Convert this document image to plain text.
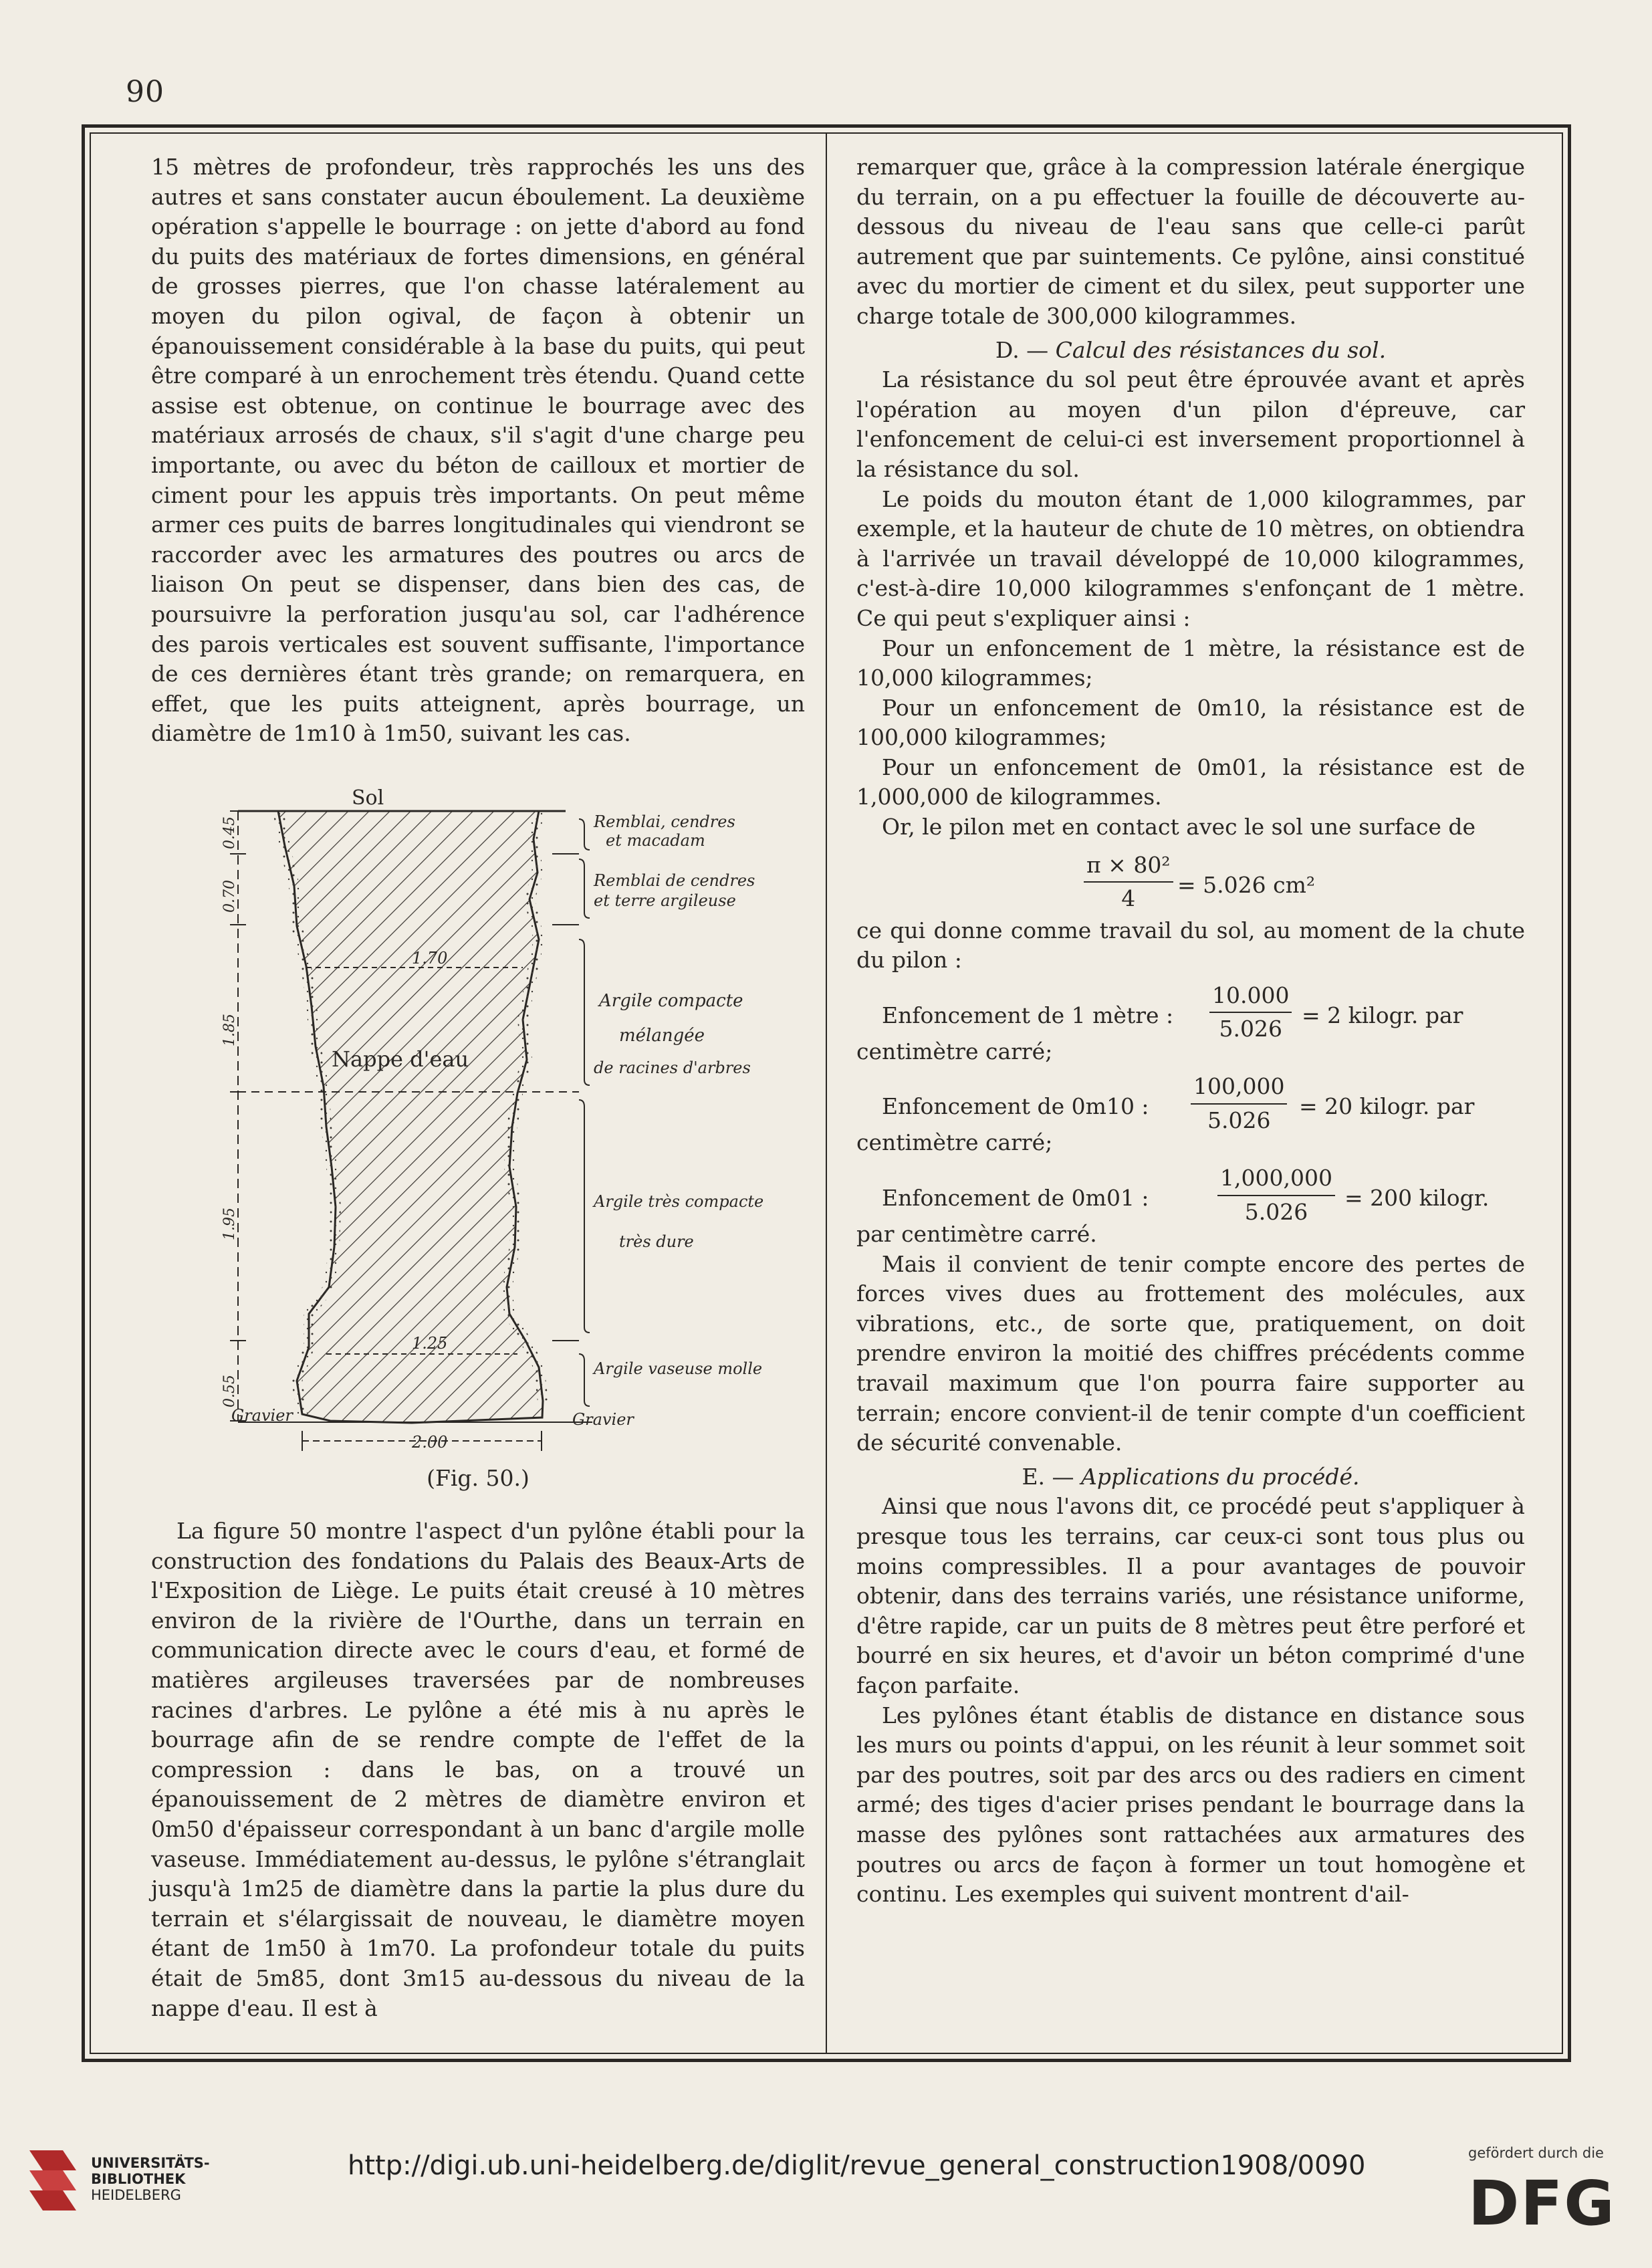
90

15 mètres de profondeur, très rapprochés les uns des autres et sans constater aucun éboulement. La deuxième opération s'appelle le bourrage : on jette d'abord au fond du puits des matériaux de fortes dimensions, en général de grosses pierres, que l'on chasse latéralement au moyen du pilon ogival, de façon à obtenir un épanouissement considérable à la base du puits, qui peut être comparé à un enrochement très étendu. Quand cette assise est obtenue, on continue le bourrage avec des matériaux arrosés de chaux, s'il s'agit d'une charge peu importante, ou avec du béton de cailloux et mortier de ciment pour les appuis très importants. On peut même armer ces puits de barres longitudinales qui viendront se raccorder avec les armatures des poutres ou arcs de liaison On peut se dispenser, dans bien des cas, de poursuivre la perforation jusqu'au sol, car l'adhérence des parois verticales est souvent suffisante, l'importance de ces dernières étant très grande; on remarquera, en effet, que les puits atteignent, après bourrage, un diamètre de 1m10 à 1m50, suivant les cas.

Sol
Remblai, cendres
et macadam
Remblai de cendres
et terre argileuse
Argile compacte
mélangée
de racines d'arbres
Nappe d'eau
Argile très compacte
très dure
Argile vaseuse molle
Gravier	Gravier
0.45
0.70
1.85
1.95
0.55
1.70
1.25
2.00
(Fig. 50.)

La figure 50 montre l'aspect d'un pylône établi pour la construction des fondations du Palais des Beaux-Arts de l'Exposition de Liège. Le puits était creusé à 10 mètres environ de la rivière de l'Ourthe, dans un terrain en communication directe avec le cours d'eau, et formé de matières argileuses traversées par de nombreuses racines d'arbres. Le pylône a été mis à nu après le bourrage afin de se rendre compte de l'effet de la compression : dans le bas, on a trouvé un épanouissement de 2 mètres de diamètre environ et 0m50 d'épaisseur correspondant à un banc d'argile molle vaseuse. Immédiatement au-dessus, le pylône s'étranglait jusqu'à 1m25 de diamètre dans la partie la plus dure du terrain et s'élargissait de nouveau, le diamètre moyen étant de 1m50 à 1m70. La profondeur totale du puits était de 5m85, dont 3m15 au-dessous du niveau de la nappe d'eau. Il est à

remarquer que, grâce à la compression latérale énergique du terrain, on a pu effectuer la fouille de découverte au-dessous du niveau de l'eau sans que celle-ci parût autrement que par suintements. Ce pylône, ainsi constitué avec du mortier de ciment et du silex, peut supporter une charge totale de 300,000 kilogrammes.

D. — Calcul des résistances du sol.

La résistance du sol peut être éprouvée avant et après l'opération au moyen d'un pilon d'épreuve, car l'enfoncement de celui-ci est inversement proportionnel à la résistance du sol.

Le poids du mouton étant de 1,000 kilogrammes, par exemple, et la hauteur de chute de 10 mètres, on obtiendra à l'arrivée un travail développé de 10,000 kilogrammes, c'est-à-dire 10,000 kilogrammes s'enfonçant de 1 mètre. Ce qui peut s'expliquer ainsi :

Pour un enfoncement de 1 mètre, la résistance est de 10,000 kilogrammes;

Pour un enfoncement de 0m10, la résistance est de 100,000 kilogrammes;

Pour un enfoncement de 0m01, la résistance est de 1,000,000 de kilogrammes.

Or, le pilon met en contact avec le sol une surface de

$\frac{\text{π × 80²}}{4} = 5.026$ cm²

ce qui donne comme travail du sol, au moment de la chute du pilon :

Enfoncement de 1 mètre : $\frac{10.000}{5.026} = 2$ kilogr. par

centimètre carré;

Enfoncement de 0m10 : $\frac{100,000}{5.026} = 20$ kilogr. par

centimètre carré;

Enfoncement de 0m01 :	$\frac{1,000,000}{5.026} = 200$ kilogr.

par centimètre carré.

Mais il convient de tenir compte encore des pertes de forces vives dues au frottement des molécules, aux vibrations, etc., de sorte que, pratiquement, on doit prendre environ la moitié des chiffres précédents comme travail maximum que l'on pourra faire supporter au terrain; encore convient-il de tenir compte d'un coefficient de sécurité convenable.

E. — Applications du procédé.

Ainsi que nous l'avons dit, ce procédé peut s'appliquer à presque tous les terrains, car ceux-ci sont tous plus ou moins compressibles. Il a pour avantages de pouvoir obtenir, dans des terrains variés, une résistance uniforme, d'être rapide, car un puits de 8 mètres peut être perforé et bourré en six heures, et d'avoir un béton comprimé d'une façon parfaite.

Les pylônes étant établis de distance en distance sous les murs ou points d'appui, on les réunit à leur sommet soit par des poutres, soit par des arcs ou des radiers en ciment armé; des tiges d'acier prises pendant le bourrage dans la masse des pylônes sont rattachées aux armatures des poutres ou arcs de façon à former un tout homogène et continu. Les exemples qui suivent montrent d'ail-

UNIVERSITÄTS-
BIBLIOTHEK
HEIDELBERG
http://digi.ub.uni-heidelberg.de/diglit/revue_general_construction1908/0090	gefördert durch die
DFG
